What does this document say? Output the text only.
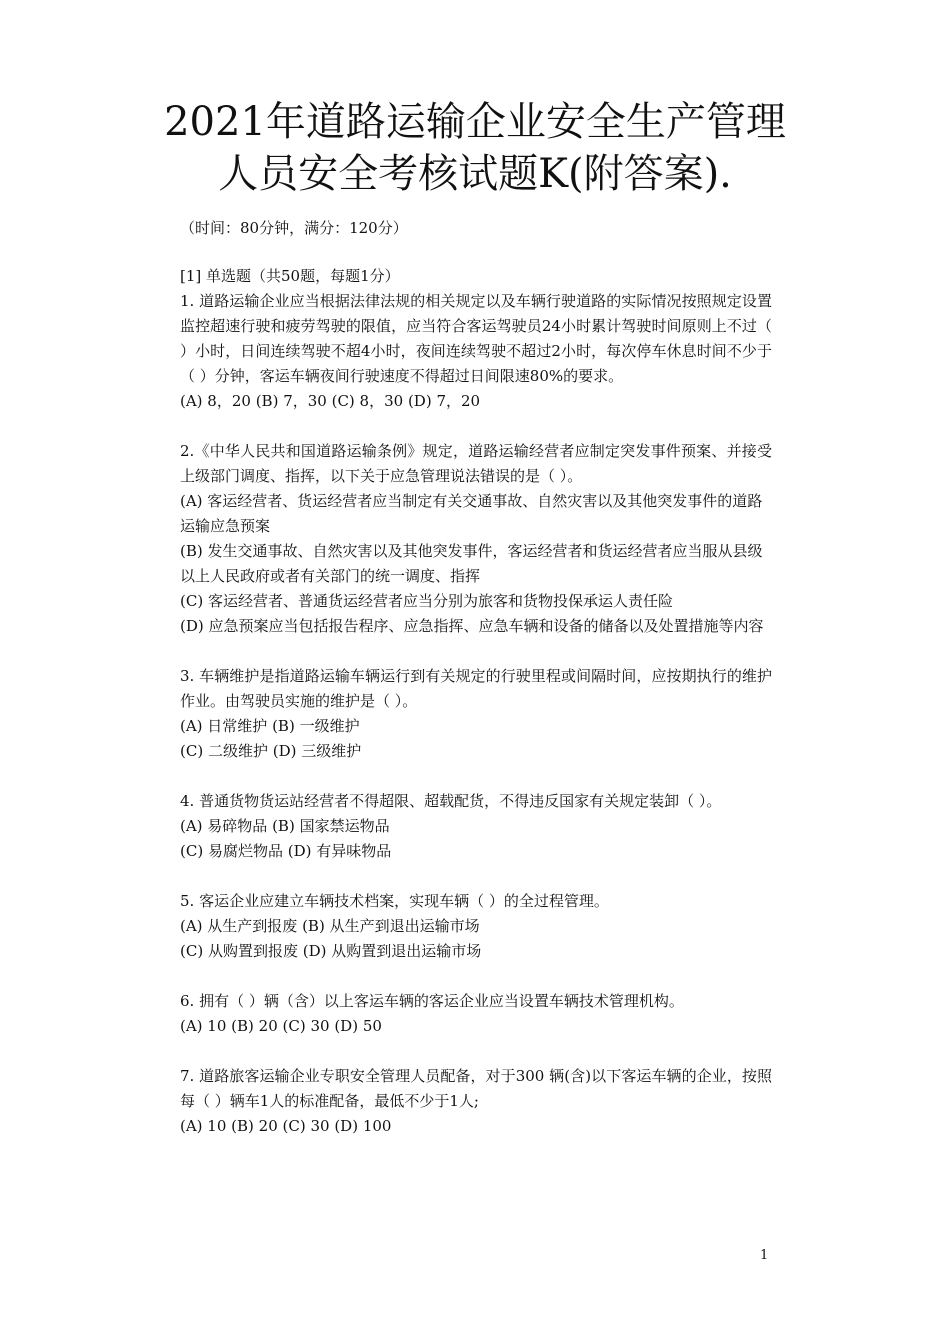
2021年道路运输企业安全生产管理
人员安全考核试题K(附答案).
（时间：80分钟，满分：120分）

[1] 单选题（共50题，每题1分）

1. 道路运输企业应当根据法律法规的相关规定以及车辆行驶道路的实际情况按照规定设置监控超速行驶和疲劳驾驶的限值，应当符合客运驾驶员24小时累计驾驶时间原则上不过（ ）小时，日间连续驾驶不超4小时，夜间连续驾驶不超过2小时，每次停车休息时间不少于（ ）分钟，客运车辆夜间行驶速度不得超过日间限速80%的要求。

(A) 8，20 (B) 7，30 (C) 8，30 (D) 7，20

2.《中华人民共和国道路运输条例》规定，道路运输经营者应制定突发事件预案、并接受上级部门调度、指挥，以下关于应急管理说法错误的是（ ）。

(A) 客运经营者、货运经营者应当制定有关交通事故、自然灾害以及其他突发事件的道路运输应急预案

(B) 发生交通事故、自然灾害以及其他突发事件，客运经营者和货运经营者应当服从县级以上人民政府或者有关部门的统一调度、指挥

(C) 客运经营者、普通货运经营者应当分别为旅客和货物投保承运人责任险

(D) 应急预案应当包括报告程序、应急指挥、应急车辆和设备的储备以及处置措施等内容

3. 车辆维护是指道路运输车辆运行到有关规定的行驶里程或间隔时间，应按期执行的维护作业。由驾驶员实施的维护是（ ）。

(A) 日常维护 (B) 一级维护

(C) 二级维护 (D) 三级维护

4. 普通货物货运站经营者不得超限、超载配货，不得违反国家有关规定装卸（ ）。

(A) 易碎物品 (B) 国家禁运物品

(C) 易腐烂物品 (D) 有异味物品

5. 客运企业应建立车辆技术档案，实现车辆（ ）的全过程管理。

(A) 从生产到报废 (B) 从生产到退出运输市场

(C) 从购置到报废 (D) 从购置到退出运输市场

6. 拥有（ ）辆（含）以上客运车辆的客运企业应当设置车辆技术管理机构。

(A) 10 (B) 20 (C) 30 (D) 50

7. 道路旅客运输企业专职安全管理人员配备，对于300 辆(含)以下客运车辆的企业，按照每（ ）辆车1人的标准配备，最低不少于1人;

(A) 10 (B) 20 (C) 30 (D) 100

1
